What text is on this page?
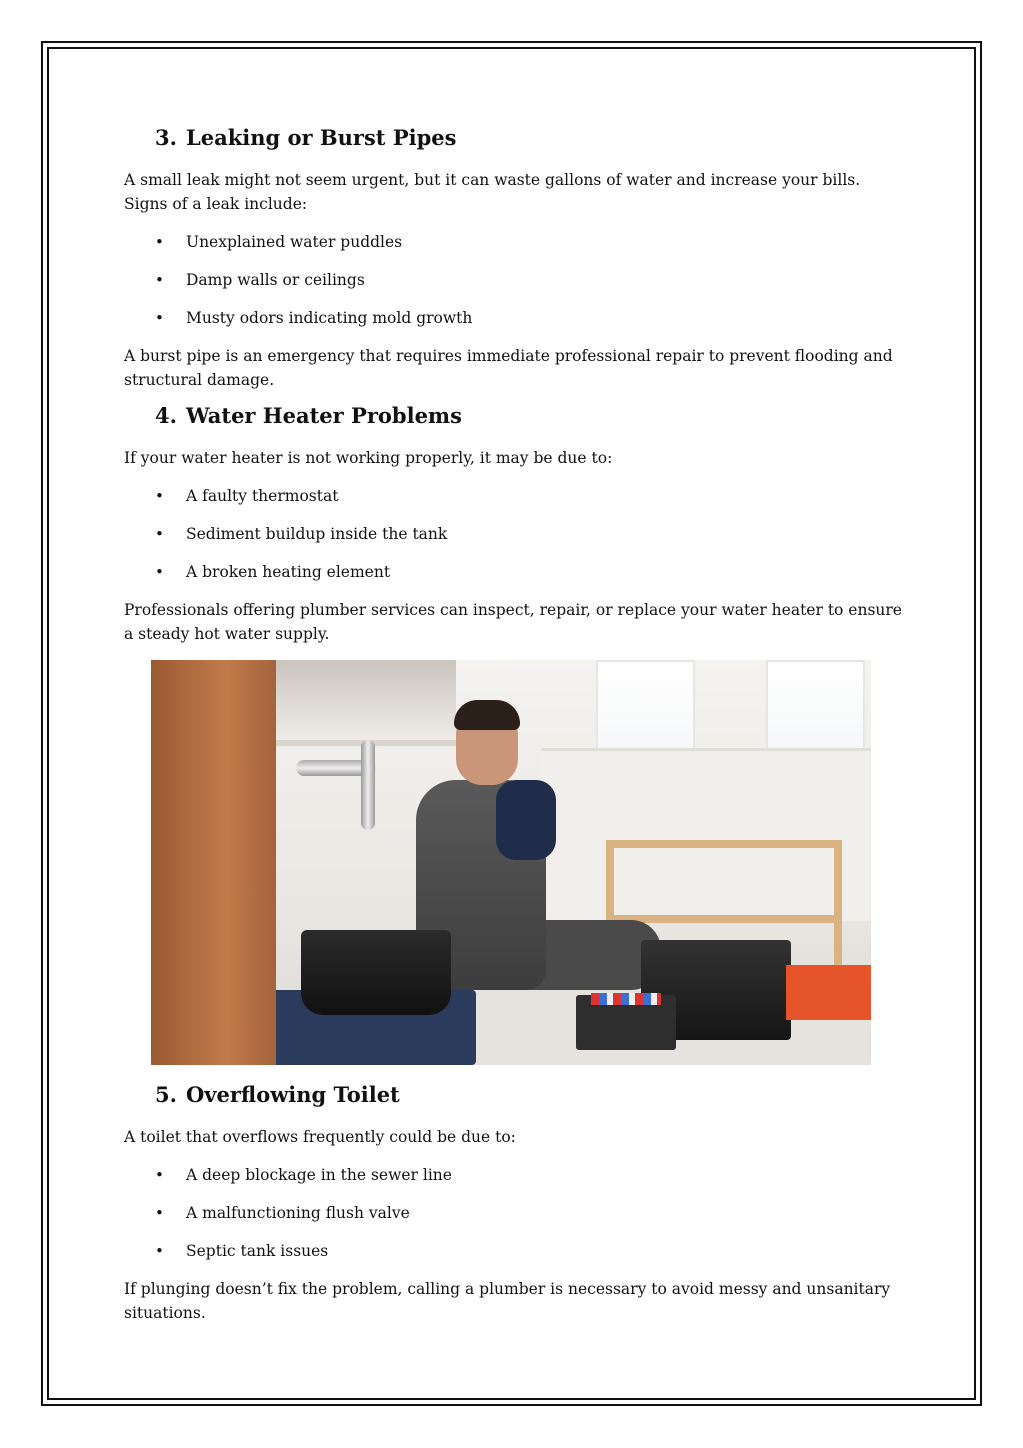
3. Leaking or Burst Pipes

A small leak might not seem urgent, but it can waste gallons of water and increase your bills. Signs of a leak include:

• Unexplained water puddles
• Damp walls or ceilings
• Musty odors indicating mold growth

A burst pipe is an emergency that requires immediate professional repair to prevent flooding and structural damage.

4. Water Heater Problems

If your water heater is not working properly, it may be due to:

• A faulty thermostat
• Sediment buildup inside the tank
• A broken heating element

Professionals offering plumber services can inspect, repair, or replace your water heater to ensure a steady hot water supply.

5. Overflowing Toilet

A toilet that overflows frequently could be due to:

• A deep blockage in the sewer line
• A malfunctioning flush valve
• Septic tank issues

If plunging doesn’t fix the problem, calling a plumber is necessary to avoid messy and unsanitary situations.
